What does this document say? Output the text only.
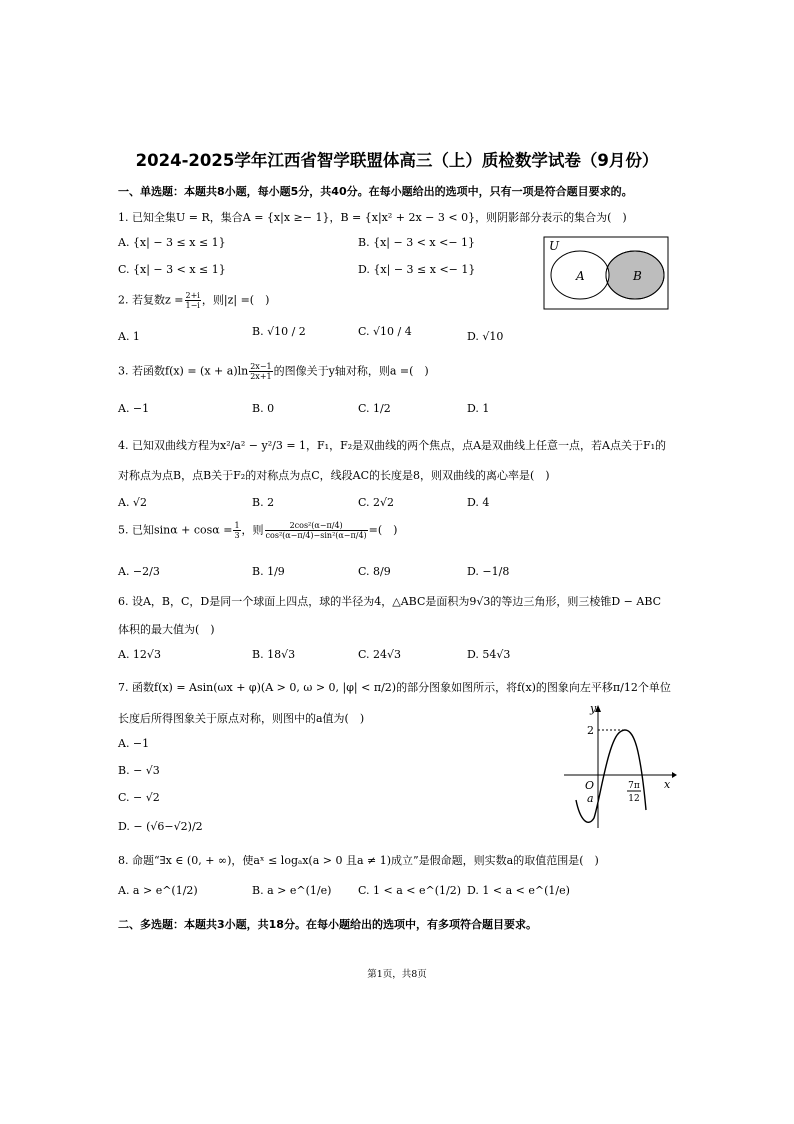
2024-2025学年江西省智学联盟体高三（上）质检数学试卷（9月份）
一、单选题：本题共8小题，每小题5分，共40分。在每小题给出的选项中，只有一项是符合题目要求的。
1. 已知全集U = R，集合A = {x|x ≥− 1}，B = {x|x² + 2x − 3 < 0}，则阴影部分表示的集合为(　)
A. {x| − 3 ≤ x ≤ 1}	B. {x| − 3 < x <− 1}
C. {x| − 3 < x ≤ 1}	D. {x| − 3 ≤ x <− 1}
U
A	B
2. 若复数$z = \frac{2+i}{1-i}$ ，则|z| =(　)
A. 1	B. √10 / 2	C. √10 / 4	D. √10
3. 若函数$f(x) = (x + a)\ln \frac{2x-1}{2x+1}$ 的图像关于y轴对称，则a =(　)
A. −1	B. 0	C. 1/2	D. 1
4. 已知双曲线方程为x²/a² − y²/3 = 1，F₁，F₂是双曲线的两个焦点，点A是双曲线上任意一点，若A点关于F₁的
对称点为点B，点B关于F₂的对称点为点C，线段AC的长度是8，则双曲线的离心率是(　)
A. √2	B. 2	C. 2√2	D. 4
5. 已知$\sin\alpha + \cos\alpha = \frac{1}{3}$ ，则 $\frac{\text{2cos²(α−π/4)}}{\text{cos²(α−π/4)−sin²(α−π/4)}}$ =(　)
A. −2/3	B. 1/9	C. 8/9	D. −1/8
6. 设A，B，C，D是同一个球面上四点，球的半径为4，△ABC是面积为9√3的等边三角形，则三棱锥D − ABC
体积的最大值为(　)
A. 12√3	B. 18√3	C. 24√3	D. 54√3
7. 函数f(x) = Asin(ωx + φ)(A > 0, ω > 0, |φ| < π/2)的部分图象如图所示，将f(x)的图象向左平移π/12个单位
长度后所得图象关于原点对称，则图中的a值为(　)
A. −1
B. − √3
C. − √2
D. − (√6−√2)/2
y
x
O
2
a
7π
12
8. 命题“∃x ∈ (0, + ∞)，使aˣ ≤ logₐx(a > 0 且a ≠ 1)成立”是假命题，则实数a的取值范围是(　)
A. a > e^(1/2)	B. a > e^(1/e) C. 1 < a < e^(1/2) D. 1 < a < e^(1/e)
二、多选题：本题共3小题，共18分。在每小题给出的选项中，有多项符合题目要求。
第1页，共8页
